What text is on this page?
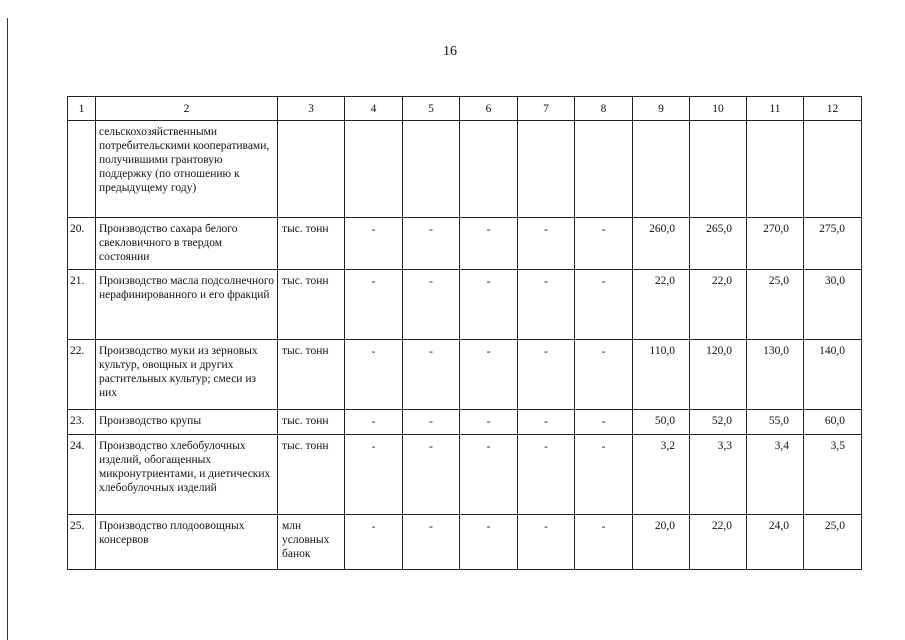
16
1	2	3	4	5	6	7	8	9	10	11	12
	сельскохозяйственными потребительскими кооперативами, получившими грантовую поддержку (по отношению к предыдущему году)										
20.	Производство сахара белого свекловичного в твердом состоянии	тыс. тонн	-	-	-	-	-	260,0	265,0	270,0	275,0
21.	Производство масла подсолнечного нерафинированного и его фракций	тыс. тонн	-	-	-	-	-	22,0	22,0	25,0	30,0
22.	Производство муки из зерновых культур, овощных и других растительных культур; смеси из них	тыс. тонн	-	-	-	-	-	110,0	120,0	130,0	140,0
23.	Производство крупы	тыс. тонн	-	-	-	-	-	50,0	52,0	55,0	60,0
24.	Производство хлебобулочных изделий, обогащенных микронутриентами, и диетических хлебобулочных изделий	тыс. тонн	-	-	-	-	-	3,2	3,3	3,4	3,5
25.	Производство плодоовощных консервов	млн условных банок	-	-	-	-	-	20,0	22,0	24,0	25,0
